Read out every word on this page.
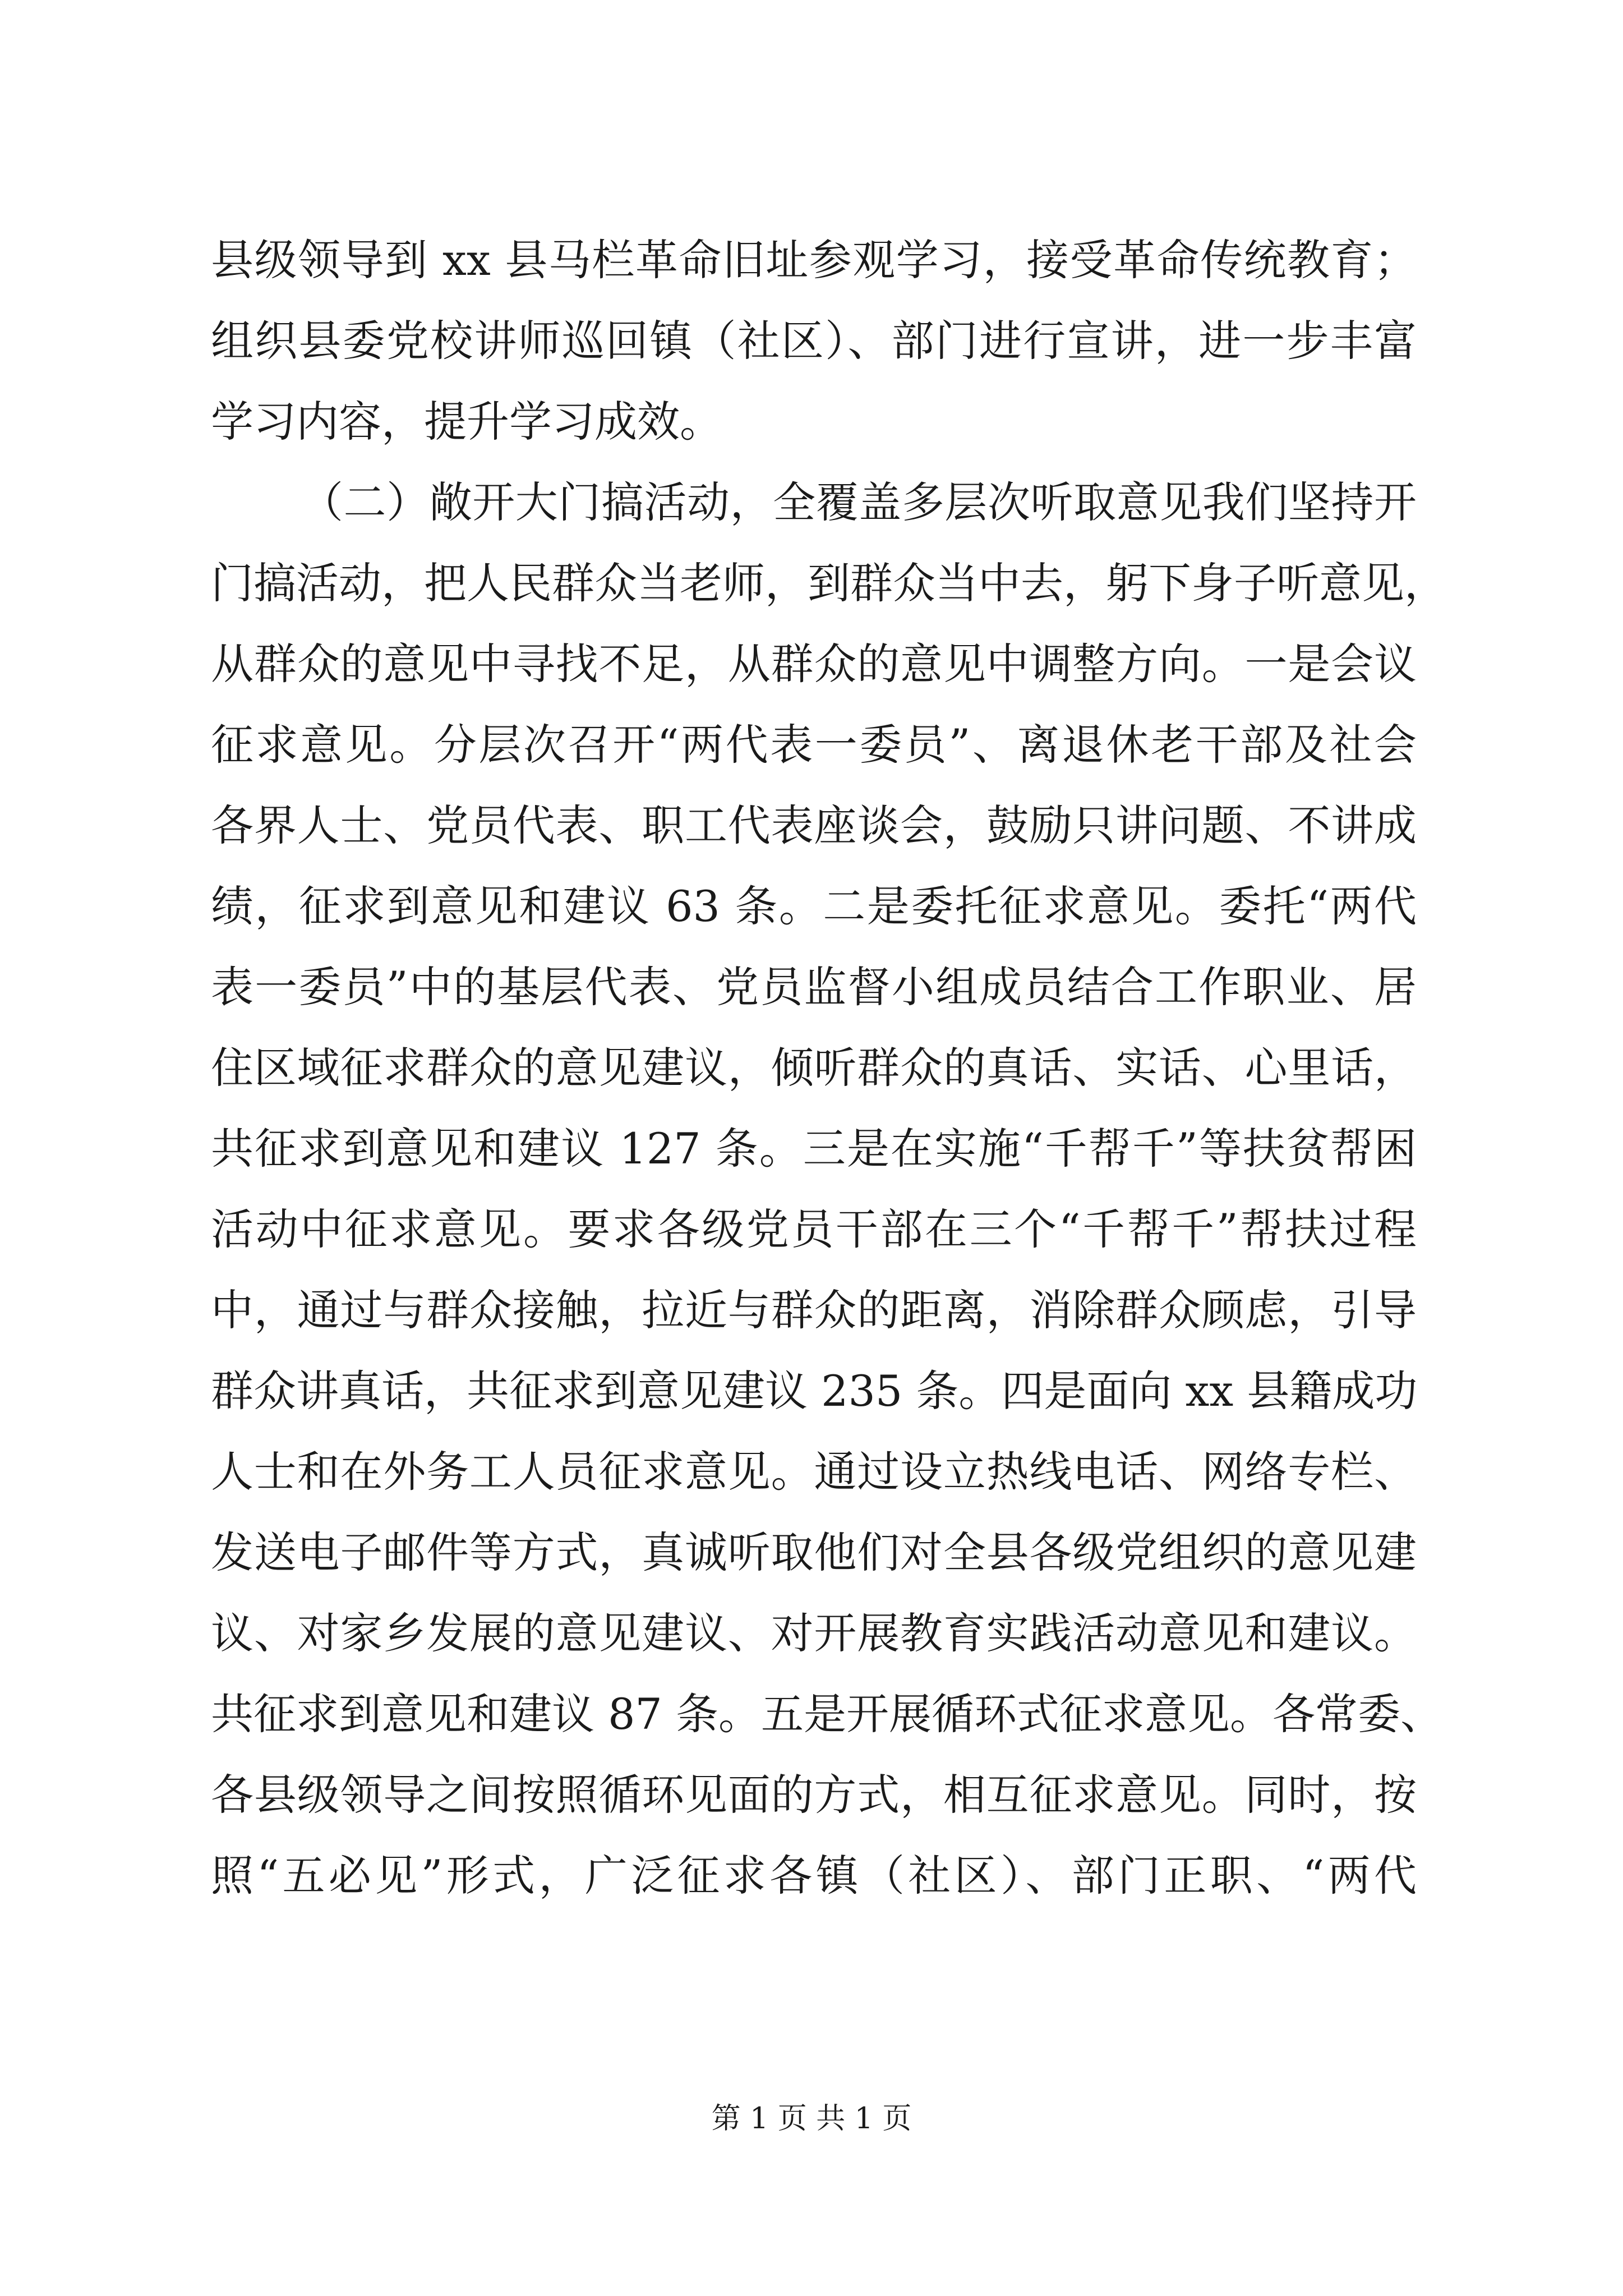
县级领导到 xx 县马栏革命旧址参观学习，接受革命传统教育；
组织县委党校讲师巡回镇（社区）、部门进行宣讲，进一步丰富
学习内容，提升学习成效。
（二）敞开大门搞活动，全覆盖多层次听取意见我们坚持开
门搞活动，把人民群众当老师，到群众当中去，躬下身子听意见，
从群众的意见中寻找不足，从群众的意见中调整方向。一是会议
征求意见。分层次召开“两代表一委员”、离退休老干部及社会
各界人士、党员代表、职工代表座谈会，鼓励只讲问题、不讲成
绩，征求到意见和建议 63 条。二是委托征求意见。委托“两代
表一委员”中的基层代表、党员监督小组成员结合工作职业、居
住区域征求群众的意见建议，倾听群众的真话、实话、心里话，
共征求到意见和建议 127 条。三是在实施“千帮千”等扶贫帮困
活动中征求意见。要求各级党员干部在三个“千帮千”帮扶过程
中，通过与群众接触，拉近与群众的距离，消除群众顾虑，引导
群众讲真话，共征求到意见建议 235 条。四是面向 xx 县籍成功
人士和在外务工人员征求意见。通过设立热线电话、网络专栏、
发送电子邮件等方式，真诚听取他们对全县各级党组织的意见建
议、对家乡发展的意见建议、对开展教育实践活动意见和建议。
共征求到意见和建议 87 条。五是开展循环式征求意见。各常委、
各县级领导之间按照循环见面的方式，相互征求意见。同时，按
照“五必见”形式，广泛征求各镇（社区）、部门正职、“两代
第 1 页 共 1 页
